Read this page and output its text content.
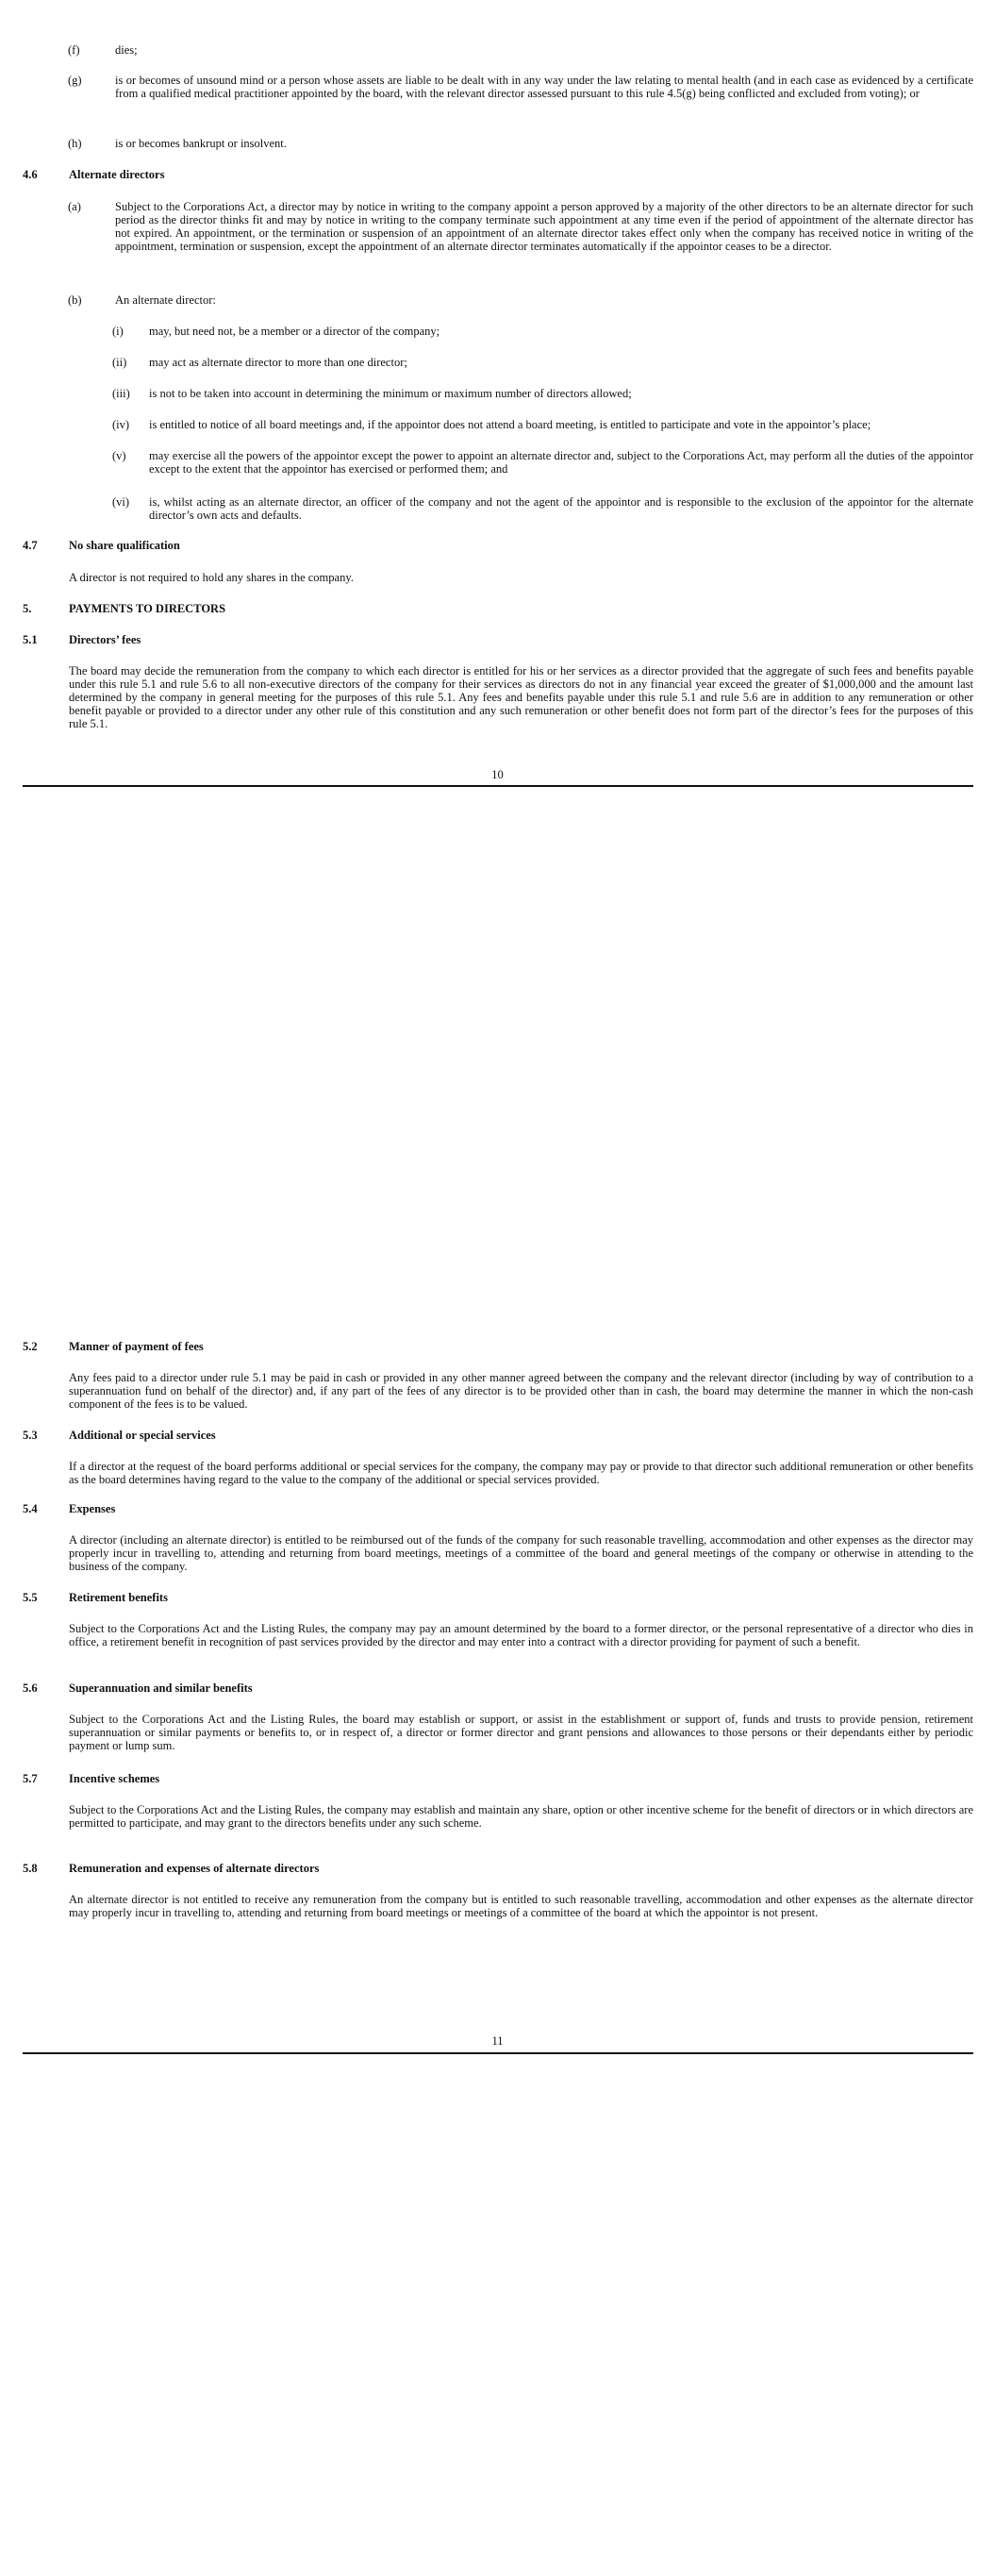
(f)	dies;
(g)	is or becomes of unsound mind or a person whose assets are liable to be dealt with in any way under the law relating to mental health (and in each case as evidenced by a certificate from a qualified medical practitioner appointed by the board, with the relevant director assessed pursuant to this rule 4.5(g) being conflicted and excluded from voting); or
(h)	is or becomes bankrupt or insolvent.
4.6	Alternate directors
(a)	Subject to the Corporations Act, a director may by notice in writing to the company appoint a person approved by a majority of the other directors to be an alternate director for such period as the director thinks fit and may by notice in writing to the company terminate such appointment at any time even if the period of appointment of the alternate director has not expired. An appointment, or the termination or suspension of an appointment of an alternate director takes effect only when the company has received notice in writing of the appointment, termination or suspension, except the appointment of an alternate director terminates automatically if the appointor ceases to be a director.
(b)	An alternate director:
(i) may, but need not, be a member or a director of the company;
(ii) may act as alternate director to more than one director;
(iii) is not to be taken into account in determining the minimum or maximum number of directors allowed;
(iv) is entitled to notice of all board meetings and, if the appointor does not attend a board meeting, is entitled to participate and vote in the appointor’s place;
(v) may exercise all the powers of the appointor except the power to appoint an alternate director and, subject to the Corporations Act, may perform all the duties of the appointor except to the extent that the appointor has exercised or performed them; and
(vi) is, whilst acting as an alternate director, an officer of the company and not the agent of the appointor and is responsible to the exclusion of the appointor for the alternate director’s own acts and defaults.
4.7	No share qualification
A director is not required to hold any shares in the company.
5.	PAYMENTS TO DIRECTORS
5.1	Directors’ fees
The board may decide the remuneration from the company to which each director is entitled for his or her services as a director provided that the aggregate of such fees and benefits payable under this rule 5.1 and rule 5.6 to all non-executive directors of the company for their services as directors do not in any financial year exceed the greater of $1,000,000 and the amount last determined by the company in general meeting for the purposes of this rule 5.1. Any fees and benefits payable under this rule 5.1 and rule 5.6 are in addition to any remuneration or other benefit payable or provided to a director under any other rule of this constitution and any such remuneration or other benefit does not form part of the director’s fees for the purposes of this rule 5.1.
10
5.2	Manner of payment of fees
Any fees paid to a director under rule 5.1 may be paid in cash or provided in any other manner agreed between the company and the relevant director (including by way of contribution to a superannuation fund on behalf of the director) and, if any part of the fees of any director is to be provided other than in cash, the board may determine the manner in which the non-cash component of the fees is to be valued.
5.3	Additional or special services
If a director at the request of the board performs additional or special services for the company, the company may pay or provide to that director such additional remuneration or other benefits as the board determines having regard to the value to the company of the additional or special services provided.
5.4	Expenses
A director (including an alternate director) is entitled to be reimbursed out of the funds of the company for such reasonable travelling, accommodation and other expenses as the director may properly incur in travelling to, attending and returning from board meetings, meetings of a committee of the board and general meetings of the company or otherwise in attending to the business of the company.
5.5	Retirement benefits
Subject to the Corporations Act and the Listing Rules, the company may pay an amount determined by the board to a former director, or the personal representative of a director who dies in office, a retirement benefit in recognition of past services provided by the director and may enter into a contract with a director providing for payment of such a benefit.
5.6	Superannuation and similar benefits
Subject to the Corporations Act and the Listing Rules, the board may establish or support, or assist in the establishment or support of, funds and trusts to provide pension, retirement superannuation or similar payments or benefits to, or in respect of, a director or former director and grant pensions and allowances to those persons or their dependants either by periodic payment or lump sum.
5.7	Incentive schemes
Subject to the Corporations Act and the Listing Rules, the company may establish and maintain any share, option or other incentive scheme for the benefit of directors or in which directors are permitted to participate, and may grant to the directors benefits under any such scheme.
5.8	Remuneration and expenses of alternate directors
An alternate director is not entitled to receive any remuneration from the company but is entitled to such reasonable travelling, accommodation and other expenses as the alternate director may properly incur in travelling to, attending and returning from board meetings or meetings of a committee of the board at which the appointor is not present.
11
